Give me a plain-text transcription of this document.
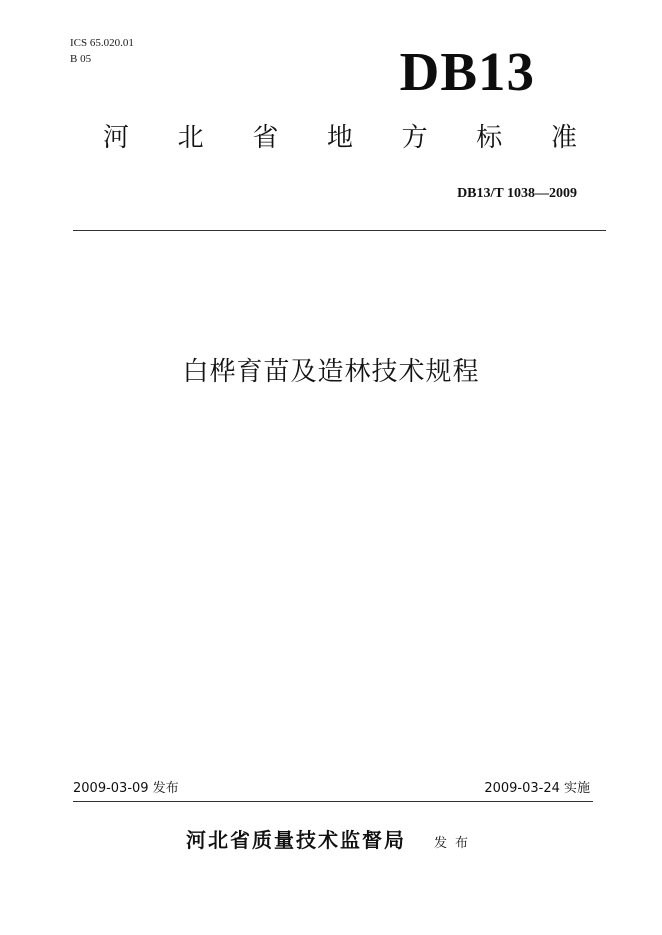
ICS 65.020.01
B 05	DB13
河 北 省 地 方 标 准
DB13/T 1038—2009
白桦育苗及造林技术规程
2009-03-09 发布	2009-03-24 实施
河北省质量技术监督局 发布
